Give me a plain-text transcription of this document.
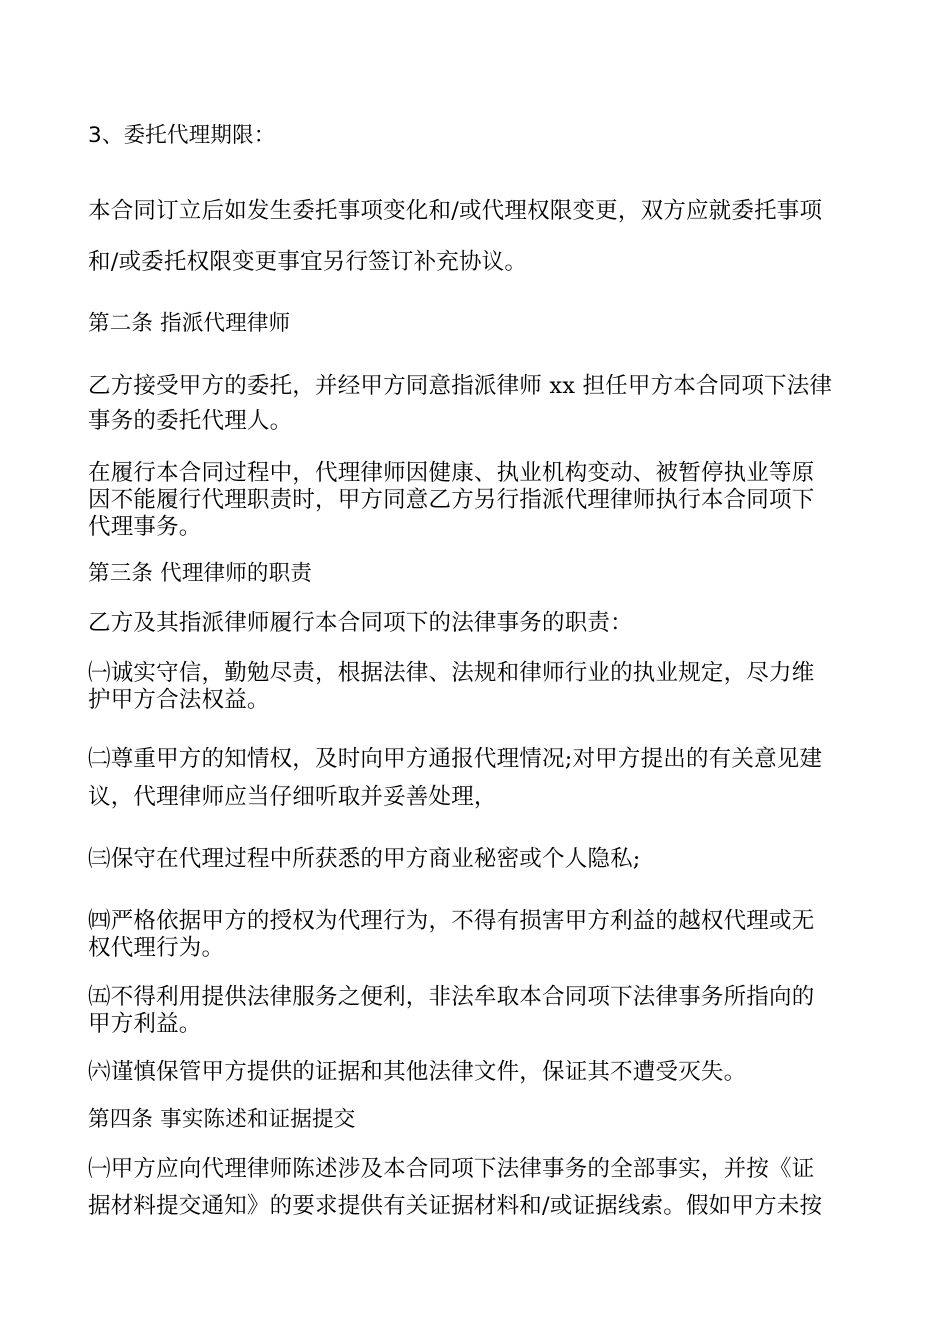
3、委托代理期限：
本合同订立后如发生委托事项变化和/或代理权限变更，双方应就委托事项
和/或委托权限变更事宜另行签订补充协议。
第二条 指派代理律师
乙方接受甲方的委托，并经甲方同意指派律师 xx 担任甲方本合同项下法律
事务的委托代理人。
在履行本合同过程中，代理律师因健康、执业机构变动、被暂停执业等原
因不能履行代理职责时，甲方同意乙方另行指派代理律师执行本合同项下
代理事务。
第三条 代理律师的职责
乙方及其指派律师履行本合同项下的法律事务的职责：
㈠诚实守信，勤勉尽责，根据法律、法规和律师行业的执业规定，尽力维
护甲方合法权益。
㈡尊重甲方的知情权，及时向甲方通报代理情况;对甲方提出的有关意见建
议，代理律师应当仔细听取并妥善处理，
㈢保守在代理过程中所获悉的甲方商业秘密或个人隐私;
㈣严格依据甲方的授权为代理行为，不得有损害甲方利益的越权代理或无
权代理行为。
㈤不得利用提供法律服务之便利，非法牟取本合同项下法律事务所指向的
甲方利益。
㈥谨慎保管甲方提供的证据和其他法律文件，保证其不遭受灭失。
第四条 事实陈述和证据提交
㈠甲方应向代理律师陈述涉及本合同项下法律事务的全部事实，并按《证
据材料提交通知》的要求提供有关证据材料和/或证据线索。假如甲方未按
